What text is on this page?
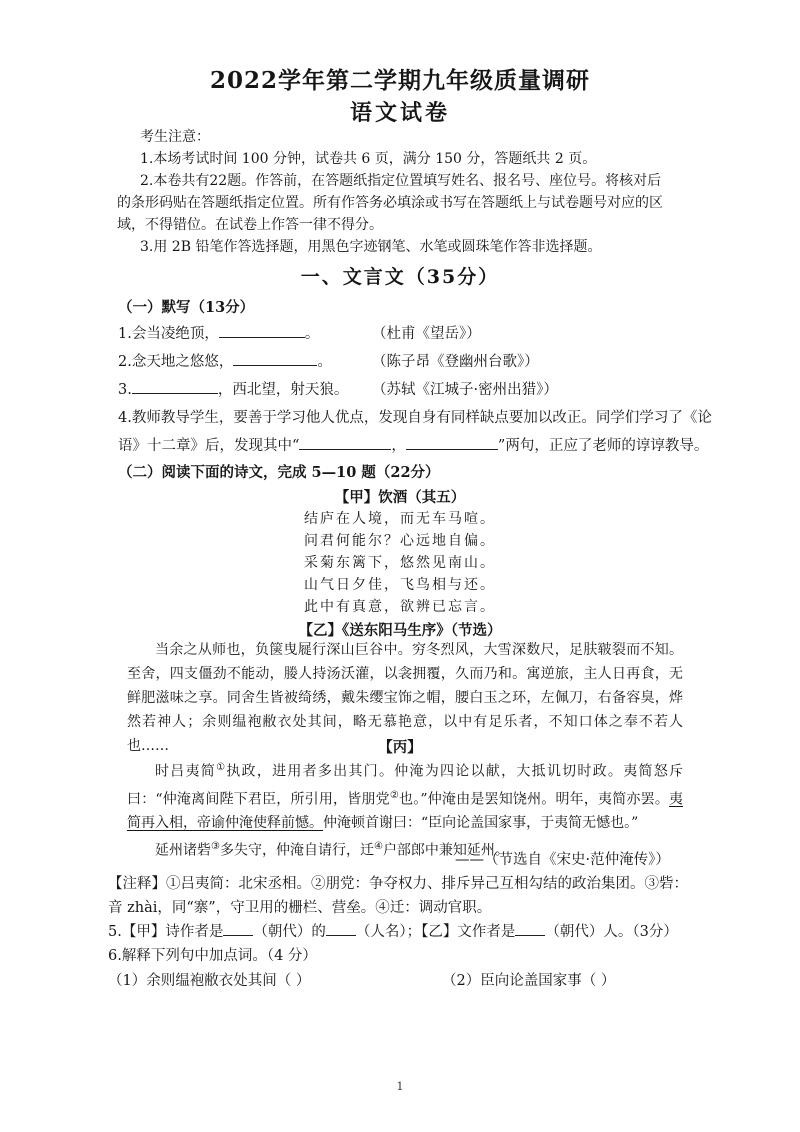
2022学年第二学期九年级质量调研
语文试卷
考生注意：
1.本场考试时间 100 分钟，试卷共 6 页，满分 150 分，答题纸共 2 页。
2.本卷共有22题。作答前，在答题纸指定位置填写姓名、报名号、座位号。将核对后
的条形码贴在答题纸指定位置。所有作答务必填涂或书写在答题纸上与试卷题号对应的区
域，不得错位。在试卷上作答一律不得分。
3.用 2B 铅笔作答选择题，用黑色字迹钢笔、水笔或圆珠笔作答非选择题。
一、文言文（35分）
（一）默写（13分）
1.会当凌绝顶，	。	（杜甫《望岳》）
2.念天地之悠悠，	。	（陈子昂《登幽州台歌》）
3.	，西北望，射天狼。 （苏轼《江城子·密州出猎》）
4.教师教导学生，要善于学习他人优点，发现自身有同样缺点要加以改正。同学们学习了《论
语》十二章》后，发现其中“	，	”两句，正应了老师的谆谆教导。
（二）阅读下面的诗文，完成 5—10 题（22分）
【甲】饮酒（其五）
结庐在人境，而无车马喧。
问君何能尔？心远地自偏。
采菊东篱下，悠然见南山。
山气日夕佳，飞鸟相与还。
此中有真意，欲辨已忘言。
【乙】《送东阳马生序》（节选）

当余之从师也，负箧曳屣行深山巨谷中。穷冬烈风，大雪深数尺，足肤皲裂而不知。至舍，四支僵劲不能动，媵人持汤沃灌，以衾拥覆，久而乃和。寓逆旅，主人日再食，无鲜肥滋味之享。同舍生皆被绮绣，戴朱缨宝饰之帽，腰白玉之环，左佩刀，右备容臭，烨然若神人；余则缊袍敝衣处其间，略无慕艳意，以中有足乐者，不知口体之奉不若人也……	【丙】

时吕夷简①执政，进用者多出其门。仲淹为四论以献，大抵讥切时政。夷简怒斥曰：“仲淹离间陛下君臣，所引用，皆朋党②也。”仲淹由是罢知饶州。明年，夷简亦罢。夷简再入相，帝谕仲淹使释前憾。仲淹顿首谢曰：“臣向论盖国家事，于夷简无憾也。”

延州诸砦③多失守，仲淹自请行，迁④户部郎中兼知延州。

——（节选自《宋史·范仲淹传》）
【注释】①吕夷简：北宋丞相。②朋党：争夺权力、排斥异己互相勾结的政治集团。③砦：
音 zhài，同“寨”，守卫用的栅栏、营垒。④迁：调动官职。
5.【甲】诗作者是 （朝代）的 （人名）；【乙】文作者是 （朝代）人。（3分）
6.解释下列句中加点词。（4 分）
（1）余则缊袍敝衣处其间（ ）	（2）臣向论盖国家事（ ）
1
